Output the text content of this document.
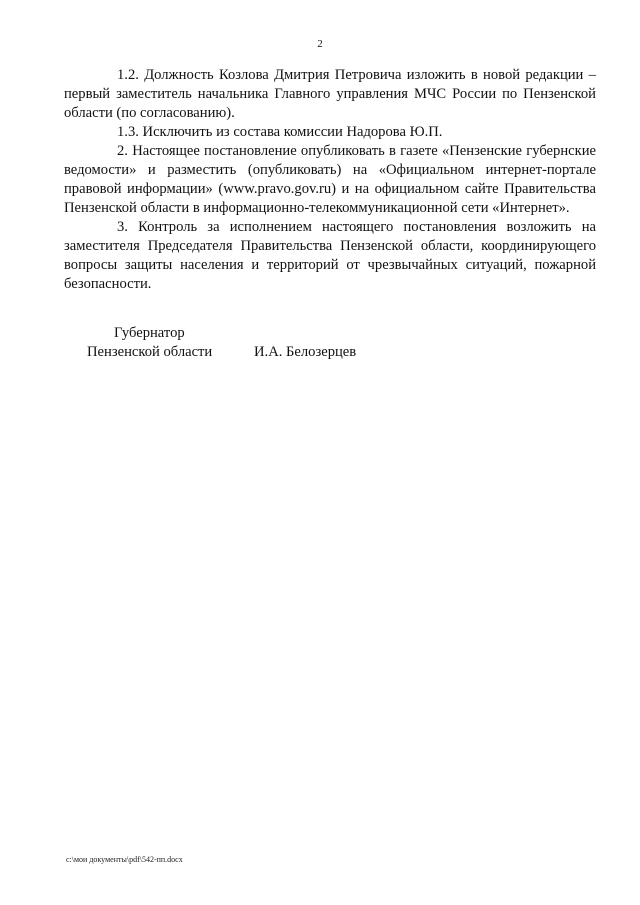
2

1.2. Должность Козлова Дмитрия Петровича изложить в новой редакции – первый заместитель начальника Главного управления МЧС России по Пензенской области (по согласованию).

1.3. Исключить из состава комиссии Надорова Ю.П.

2. Настоящее постановление опубликовать в газете «Пензенские губернские ведомости» и разместить (опубликовать) на «Официальном интернет-портале правовой информации» (www.pravo.gov.ru) и на официальном сайте Правительства Пензенской области в информационно-телекоммуникационной сети «Интернет».

3. Контроль за исполнением настоящего постановления возложить на заместителя Председателя Правительства Пензенской области, координирующего вопросы защиты населения и территорий от чрезвычайных ситуаций, пожарной безопасности.

Губернатор
Пензенской области	И.А. Белозерцев
c:\мои документы\pdf\542-пп.docx
